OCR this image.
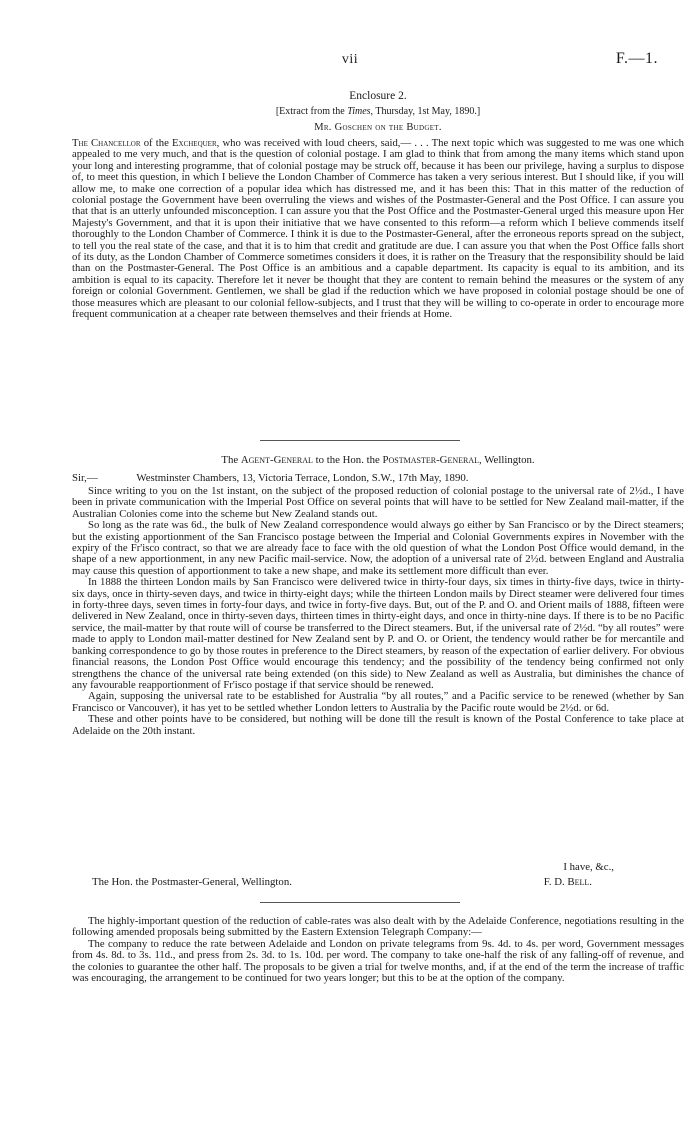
vii	F.—1.
Enclosure 2.
[Extract from the Times, Thursday, 1st May, 1890.]
Mr. Goschen on the Budget.

The Chancellor of the Exchequer, who was received with loud cheers, said,— . . . The next topic which was suggested to me was one which appealed to me very much, and that is the question of colonial postage. I am glad to think that from among the many items which stand upon your long and interesting programme, that of colonial postage may be struck off, because it has been our privilege, having a surplus to dispose of, to meet this question, in which I believe the London Chamber of Commerce has taken a very serious interest. But I should like, if you will allow me, to make one correction of a popular idea which has distressed me, and it has been this: That in this matter of the reduction of colonial postage the Government have been overruling the views and wishes of the Postmaster-General and the Post Office. I can assure you that that is an utterly unfounded misconception. I can assure you that the Post Office and the Postmaster-General urged this measure upon Her Majesty's Government, and that it is upon their initiative that we have consented to this reform—a reform which I believe commends itself thoroughly to the London Chamber of Commerce. I think it is due to the Postmaster-General, after the erroneous reports spread on the subject, to tell you the real state of the case, and that it is to him that credit and gratitude are due. I can assure you that when the Post Office falls short of its duty, as the London Chamber of Commerce sometimes considers it does, it is rather on the Treasury that the responsibility should be laid than on the Postmaster-General. The Post Office is an ambitious and a capable department. Its capacity is equal to its ambition, and its ambition is equal to its capacity. Therefore let it never be thought that they are content to remain behind the measures or the system of any foreign or colonial Government. Gentlemen, we shall be glad if the reduction which we have proposed in colonial postage should be one of those measures which are pleasant to our colonial fellow-subjects, and I trust that they will be willing to co-operate in order to encourage more frequent communication at a cheaper rate between themselves and their friends at Home.

The Agent-General to the Hon. the Postmaster-General, Wellington.
Sir,—	Westminster Chambers, 13, Victoria Terrace, London, S.W., 17th May, 1890.

Since writing to you on the 1st instant, on the subject of the proposed reduction of colonial postage to the universal rate of 2½d., I have been in private communication with the Imperial Post Office on several points that will have to be settled for New Zealand mail-matter, if the Australian Colonies come into the scheme but New Zealand stands out.

So long as the rate was 6d., the bulk of New Zealand correspondence would always go either by San Francisco or by the Direct steamers; but the existing apportionment of the San Francisco postage between the Imperial and Colonial Governments expires in November with the expiry of the Fr'isco contract, so that we are already face to face with the old question of what the London Post Office would demand, in the shape of a new apportionment, in any new Pacific mail-service. Now, the adoption of a universal rate of 2½d. between England and Australia may cause this question of apportionment to take a new shape, and make its settlement more difficult than ever.

In 1888 the thirteen London mails by San Francisco were delivered twice in thirty-four days, six times in thirty-five days, twice in thirty-six days, once in thirty-seven days, and twice in thirty-eight days; while the thirteen London mails by Direct steamer were delivered four times in forty-three days, seven times in forty-four days, and twice in forty-five days. But, out of the P. and O. and Orient mails of 1888, fifteen were delivered in New Zealand, once in thirty-seven days, thirteen times in thirty-eight days, and once in thirty-nine days. If there is to be no Pacific service, the mail-matter by that route will of course be transferred to the Direct steamers. But, if the universal rate of 2½d. “by all routes” were made to apply to London mail-matter destined for New Zealand sent by P. and O. or Orient, the tendency would rather be for mercantile and banking correspondence to go by those routes in preference to the Direct steamers, by reason of the expectation of earlier delivery. For obvious financial reasons, the London Post Office would encourage this tendency; and the possibility of the tendency being confirmed not only strengthens the chance of the universal rate being extended (on this side) to New Zealand as well as Australia, but diminishes the chance of any favourable reapportionment of Fr'isco postage if that service should be renewed.

Again, supposing the universal rate to be established for Australia “by all routes,” and a Pacific service to be renewed (whether by San Francisco or Vancouver), it has yet to be settled whether London letters to Australia by the Pacific route would be 2½d. or 6d.

These and other points have to be considered, but nothing will be done till the result is known of the Postal Conference to take place at Adelaide on the 20th instant.

I have, &c.,
The Hon. the Postmaster-General, Wellington.	F. D. Bell.

The highly-important question of the reduction of cable-rates was also dealt with by the Adelaide Conference, negotiations resulting in the following amended proposals being submitted by the Eastern Extension Telegraph Company:—

The company to reduce the rate between Adelaide and London on private telegrams from 9s. 4d. to 4s. per word, Government messages from 4s. 8d. to 3s. 11d., and press from 2s. 3d. to 1s. 10d. per word. The company to take one-half the risk of any falling-off of revenue, and the colonies to guarantee the other half. The proposals to be given a trial for twelve months, and, if at the end of the term the increase of traffic was encouraging, the arrangement to be continued for two years longer; but this to be at the option of the company.
